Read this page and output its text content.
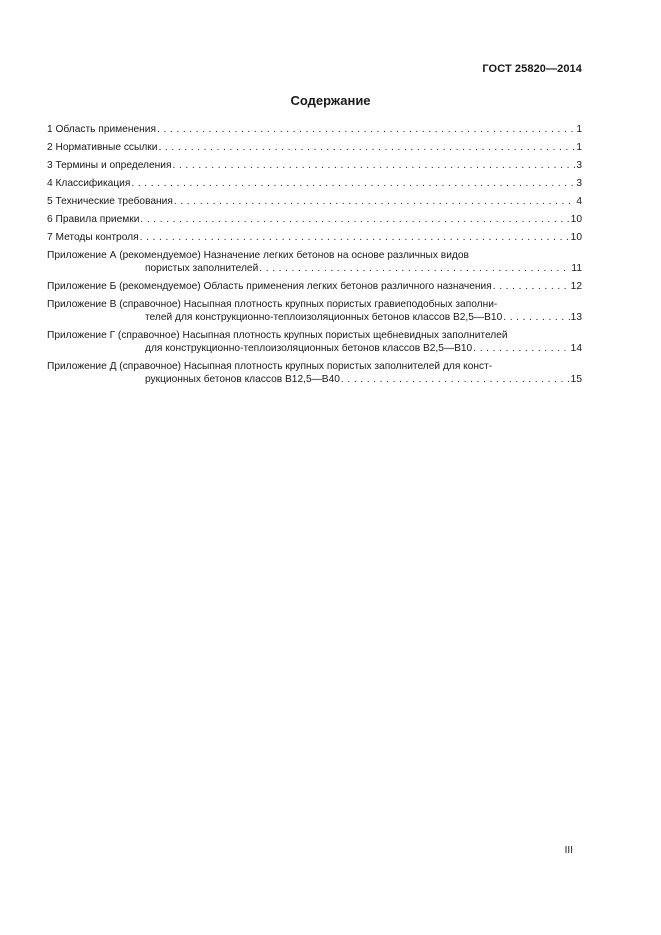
ГОСТ 25820—2014
Содержание
1 Область применения . . .	1
2 Нормативные ссылки . . .	1
3 Термины и определения . . .	3
4 Классификация . . .	3
5 Технические требования . . .	4
6 Правила приемки . . .	10
7 Методы контроля . . .	10
Приложение А (рекомендуемое) Назначение легких бетонов на основе различных видов
пористых заполнителей . . .	11
Приложение Б (рекомендуемое) Область применения легких бетонов различного назначения . . .	12
Приложение В (справочное) Насыпная плотность крупных пористых гравиеподобных заполни-
телей для конструкционно-теплоизоляционных бетонов классов B2,5—B10 . . .	13
Приложение Г (справочное) Насыпная плотность крупных пористых щебневидных заполнителей
для конструкционно-теплоизоляционных бетонов классов B2,5—B10 . . .	14
Приложение Д (справочное) Насыпная плотность крупных пористых заполнителей для конст-
рукционных бетонов классов B12,5—B40 . . .	15
III
